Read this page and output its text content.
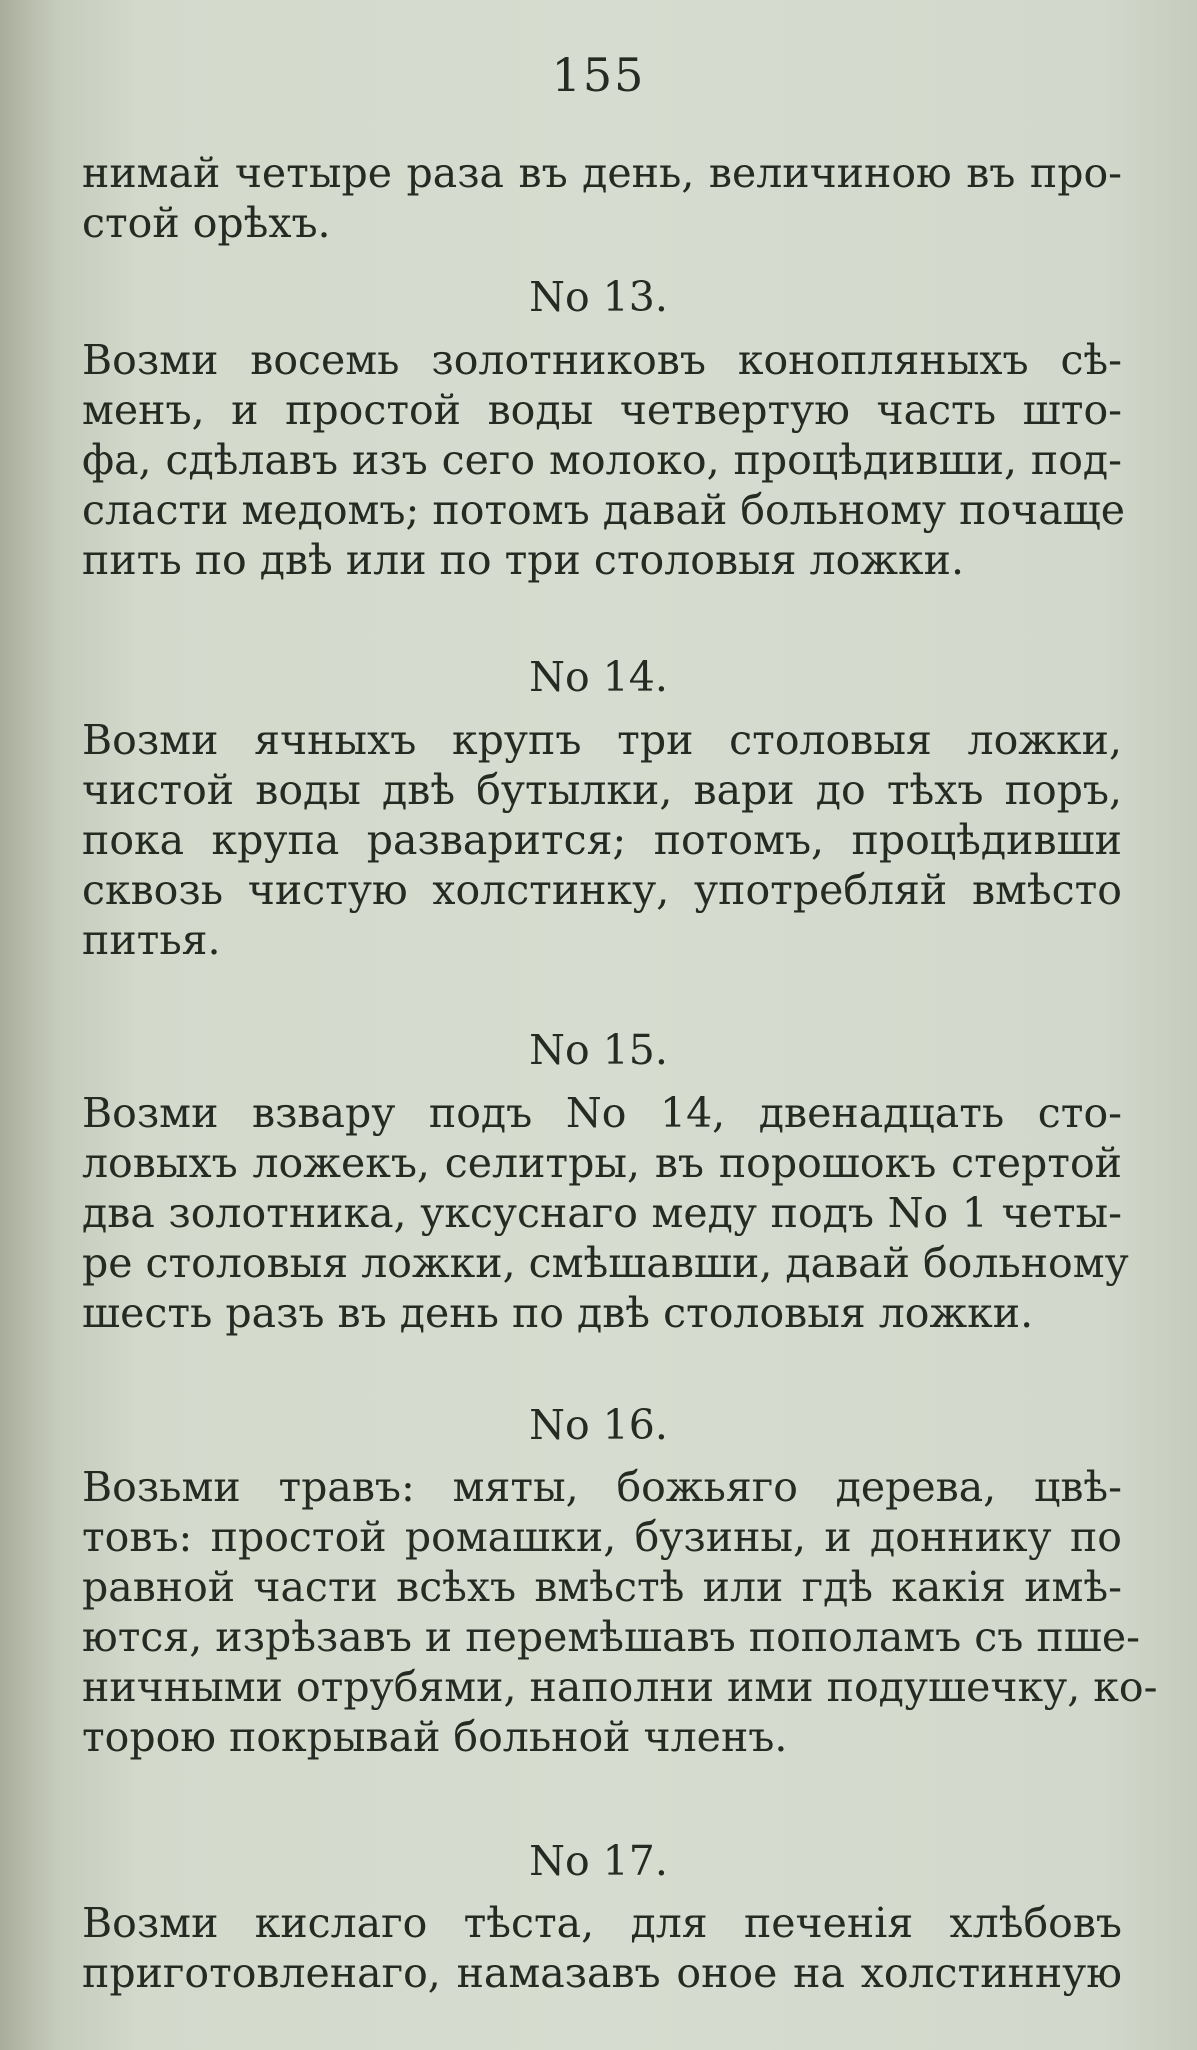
155
нимай четыре раза въ день, величиною въ про-
стой орѣхъ.
No 13.
Возми восемь золотниковъ конопляныхъ сѣ-
менъ, и простой воды четвертую часть што-
фа, сдѣлавъ изъ сего молоко, процѣдивши, под-
сласти медомъ; потомъ давай больному почаще
пить по двѣ или по три столовыя ложки.
No 14.
Возми ячныхъ крупъ три столовыя ложки,
чистой воды двѣ бутылки, вари до тѣхъ поръ,
пока крупа разварится; потомъ, процѣдивши
сквозь чистую холстинку, употребляй вмѣсто
питья.
No 15.
Возми взвару подъ No 14, двенадцать сто-
ловыхъ ложекъ, селитры, въ порошокъ стертой
два золотника, уксуснаго меду подъ No 1 четы-
ре столовыя ложки, смѣшавши, давай больному
шесть разъ въ день по двѣ столовыя ложки.
No 16.
Возьми травъ: мяты, божьяго дерева, цвѣ-
товъ: простой ромашки, бузины, и доннику по
равной части всѣхъ вмѣстѣ или гдѣ какія имѣ-
ются, изрѣзавъ и перемѣшавъ пополамъ съ пше-
ничными отрубями, наполни ими подушечку, ко-
торою покрывай больной членъ.
No 17.
Возми кислаго тѣста, для печенія хлѣбовъ
приготовленаго, намазавъ оное на холстинную
